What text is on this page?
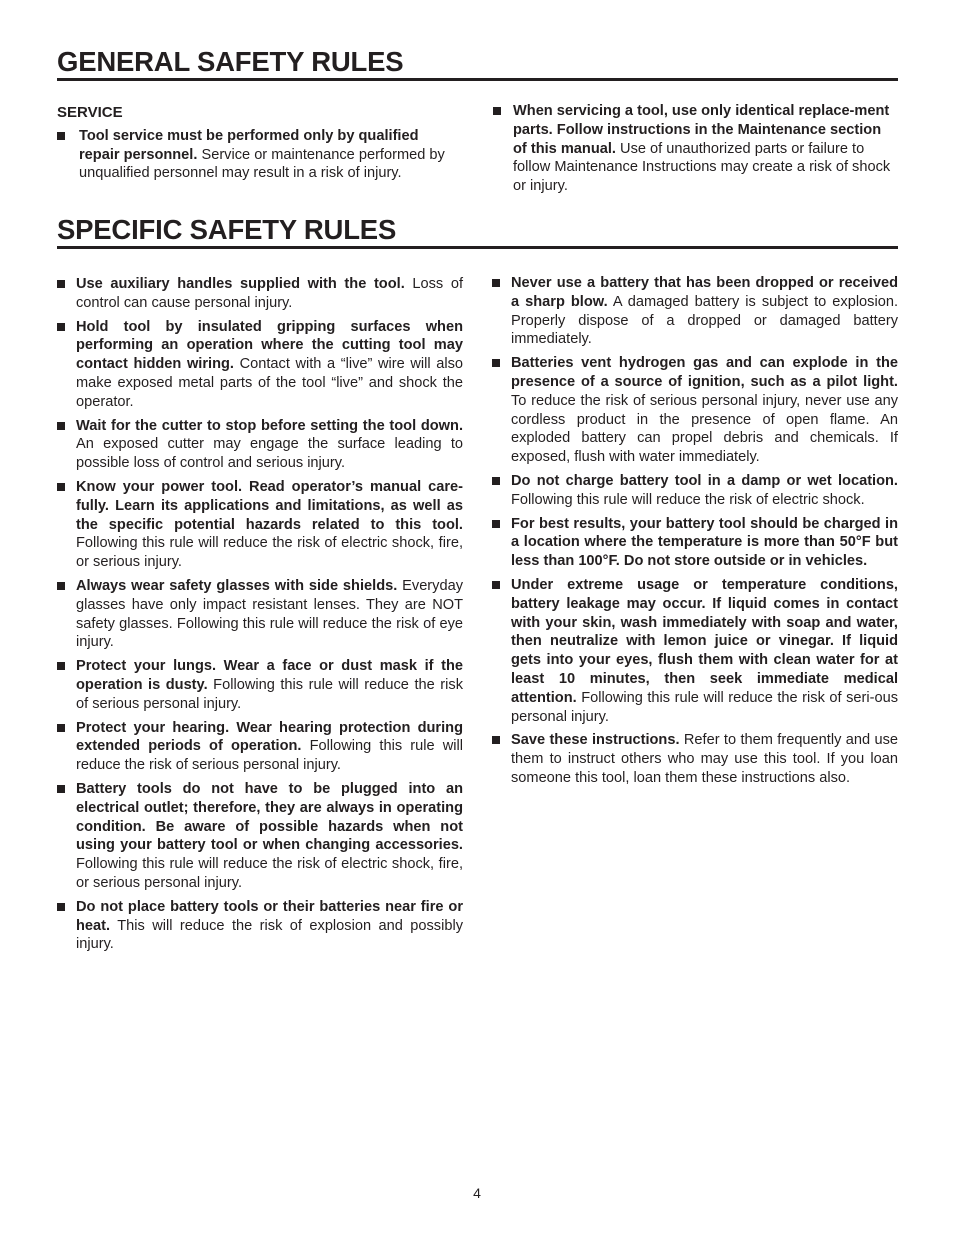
GENERAL SAFETY RULES
SERVICE
Tool service must be performed only by qualified repair personnel. Service or maintenance performed by unqualified personnel may result in a risk of injury.
When servicing a tool, use only identical replace-ment parts. Follow instructions in the Maintenance section of this manual. Use of unauthorized parts or failure to follow Maintenance Instructions may create a risk of shock or injury.
SPECIFIC SAFETY RULES
Use auxiliary handles supplied with the tool. Loss of control can cause personal injury.
Hold tool by insulated gripping surfaces when performing an operation where the cutting tool may contact hidden wiring. Contact with a “live” wire will also make exposed metal parts of the tool “live” and shock the operator.
Wait for the cutter to stop before setting the tool down. An exposed cutter may engage the surface leading to possible loss of control and serious injury.
Know your power tool. Read operator’s manual care-fully. Learn its applications and limitations, as well as the specific potential hazards related to this tool. Following this rule will reduce the risk of electric shock, fire, or serious injury.
Always wear safety glasses with side shields. Everyday glasses have only impact resistant lenses. They are NOT safety glasses. Following this rule will reduce the risk of eye injury.
Protect your lungs. Wear a face or dust mask if the operation is dusty. Following this rule will reduce the risk of serious personal injury.
Protect your hearing. Wear hearing protection during extended periods of operation. Following this rule will reduce the risk of serious personal injury.
Battery tools do not have to be plugged into an electrical outlet; therefore, they are always in operating condition. Be aware of possible hazards when not using your battery tool or when changing accessories. Following this rule will reduce the risk of electric shock, fire, or serious personal injury.
Do not place battery tools or their batteries near fire or heat. This will reduce the risk of explosion and possibly injury.
Never use a battery that has been dropped or received a sharp blow. A damaged battery is subject to explosion. Properly dispose of a dropped or damaged battery immediately.
Batteries vent hydrogen gas and can explode in the presence of a source of ignition, such as a pilot light. To reduce the risk of serious personal injury, never use any cordless product in the presence of open flame. An exploded battery can propel debris and chemicals. If exposed, flush with water immediately.
Do not charge battery tool in a damp or wet location. Following this rule will reduce the risk of electric shock.
For best results, your battery tool should be charged in a location where the temperature is more than 50°F but less than 100°F. Do not store outside or in vehicles.
Under extreme usage or temperature conditions, battery leakage may occur. If liquid comes in contact with your skin, wash immediately with soap and water, then neutralize with lemon juice or vinegar. If liquid gets into your eyes, flush them with clean water for at least 10 minutes, then seek immediate medical attention. Following this rule will reduce the risk of seri-ous personal injury.
Save these instructions. Refer to them frequently and use them to instruct others who may use this tool. If you loan someone this tool, loan them these instructions also.
4
